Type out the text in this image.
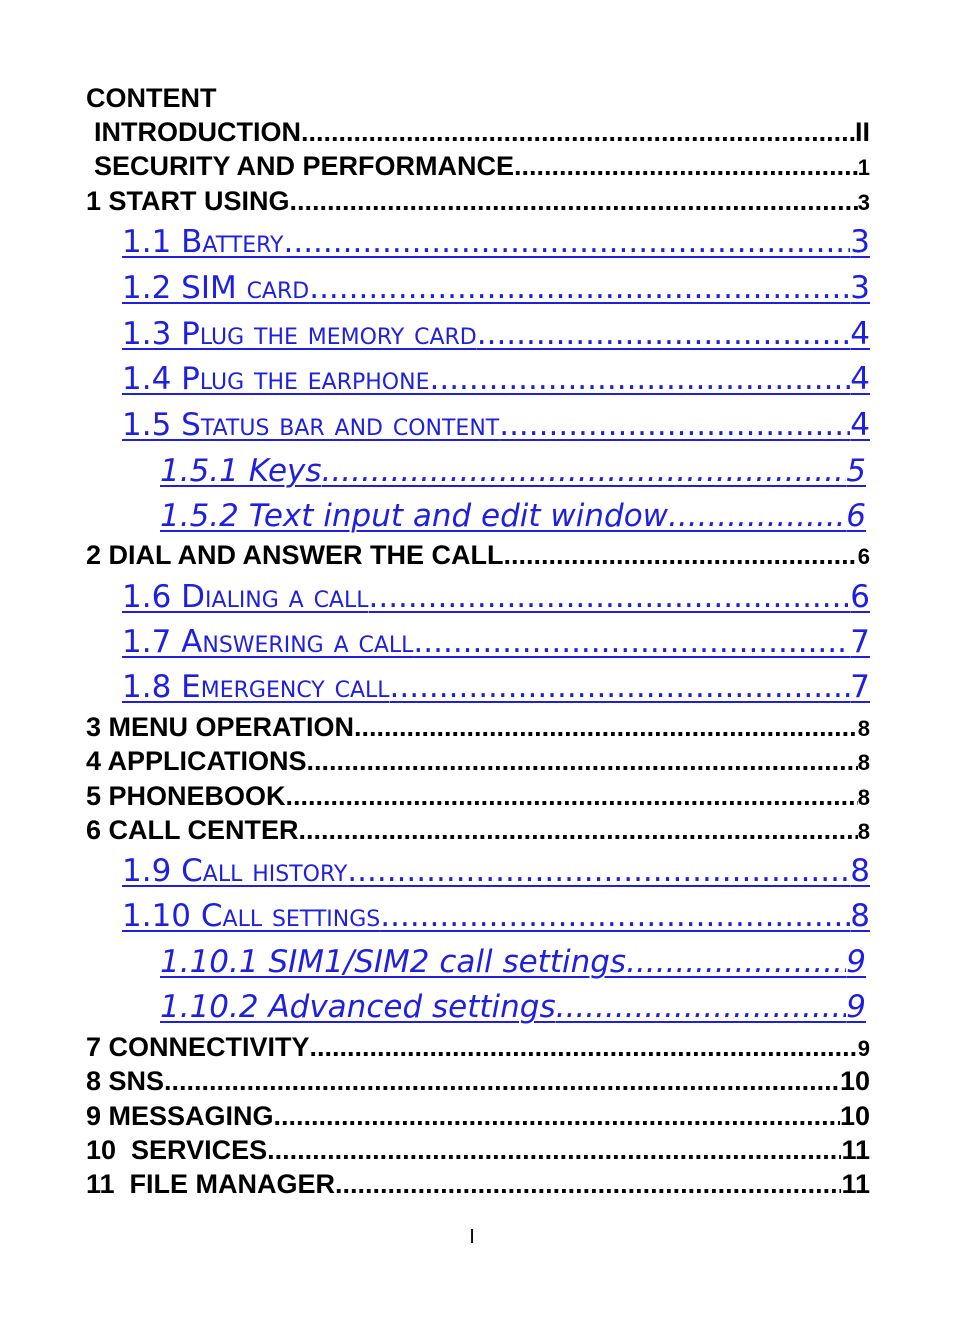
CONTENT
INTRODUCTION .....	II
SECURITY AND PERFORMANCE .....	1
1 START USING .....	3
1.1 Battery .....	3
1.2 SIM card .....	3
1.3 Plug the memory card .....	4
1.4 Plug the earphone .....	4
1.5 Status bar and content .....	4
1.5.1 Keys .....	5
1.5.2 Text input and edit window .....	6
2 DIAL AND ANSWER THE CALL .....	6
1.6 Dialing a call .....	6
1.7 Answering a call .....	7
1.8 Emergency call .....	7
3 MENU OPERATION .....	8
4 APPLICATIONS .....	8
5 PHONEBOOK .....	8
6 CALL CENTER .....	8
1.9 Call history .....	8
1.10 Call settings .....	8
1.10.1 SIM1/SIM2 call settings .....	9
1.10.2 Advanced settings .....	9
7 CONNECTIVITY .....	9
8 SNS .....	10
9 MESSAGING .....	10
10  SERVICES .....	11
11  FILE MANAGER .....	11
I
